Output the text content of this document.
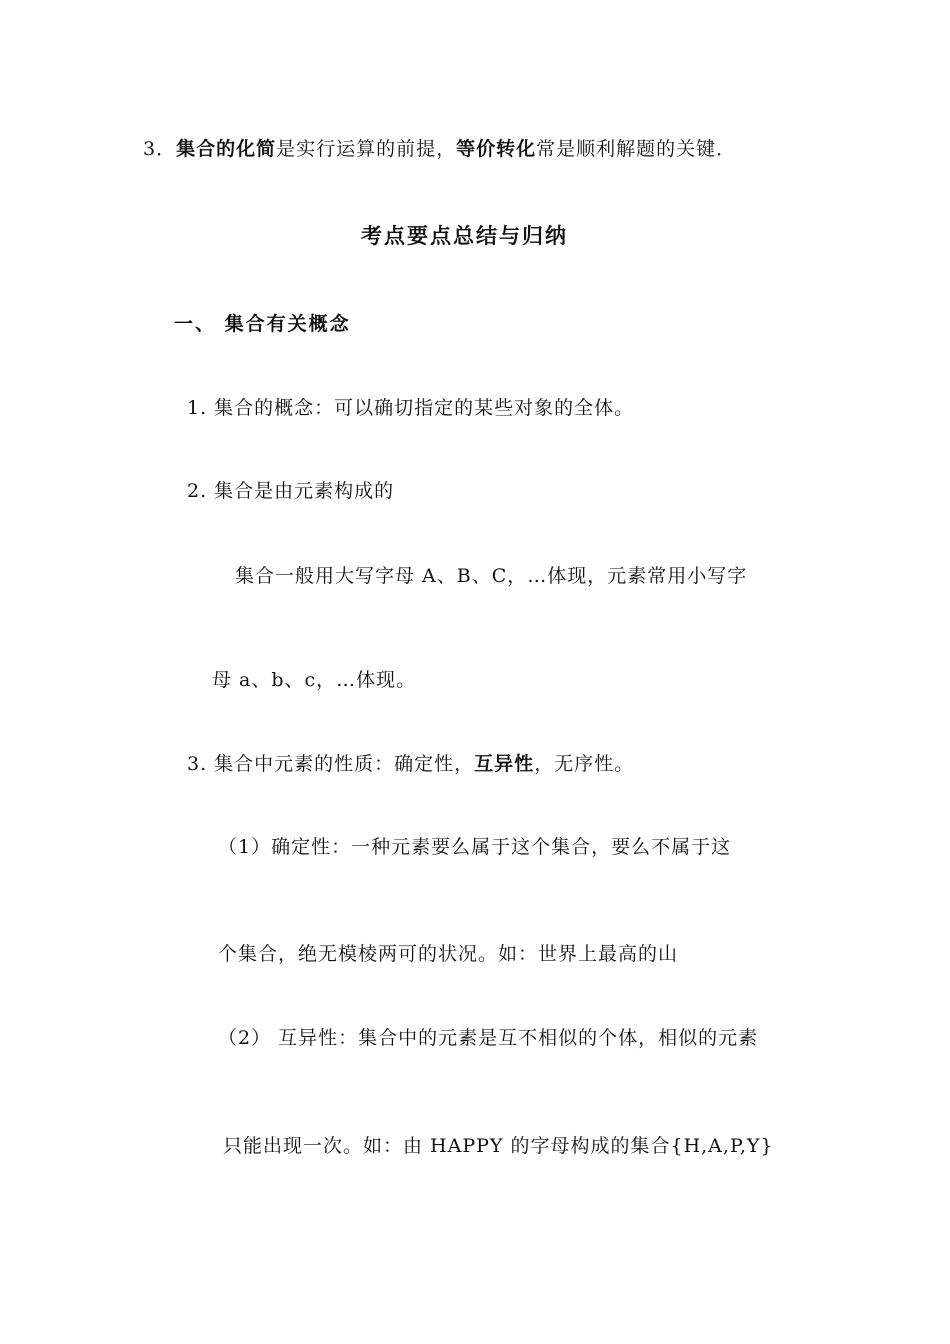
3．集合的化简是实行运算的前提，等价转化常是顺利解题的关键．
考点要点总结与归纳
一、 集合有关概念
1. 集合的概念：可以确切指定的某些对象的全体。
2. 集合是由元素构成的
集合一般用大写字母 A、B、C，…体现，元素常用小写字
母 a、b、c，…体现。
3. 集合中元素的性质：确定性，互异性，无序性。
（1）确定性：一种元素要么属于这个集合，要么不属于这
个集合，绝无模棱两可的状况。如：世界上最高的山
（2） 互异性：集合中的元素是互不相似的个体，相似的元素
只能出现一次。如：由 HAPPY 的字母构成的集合{H,A,P,Y}
